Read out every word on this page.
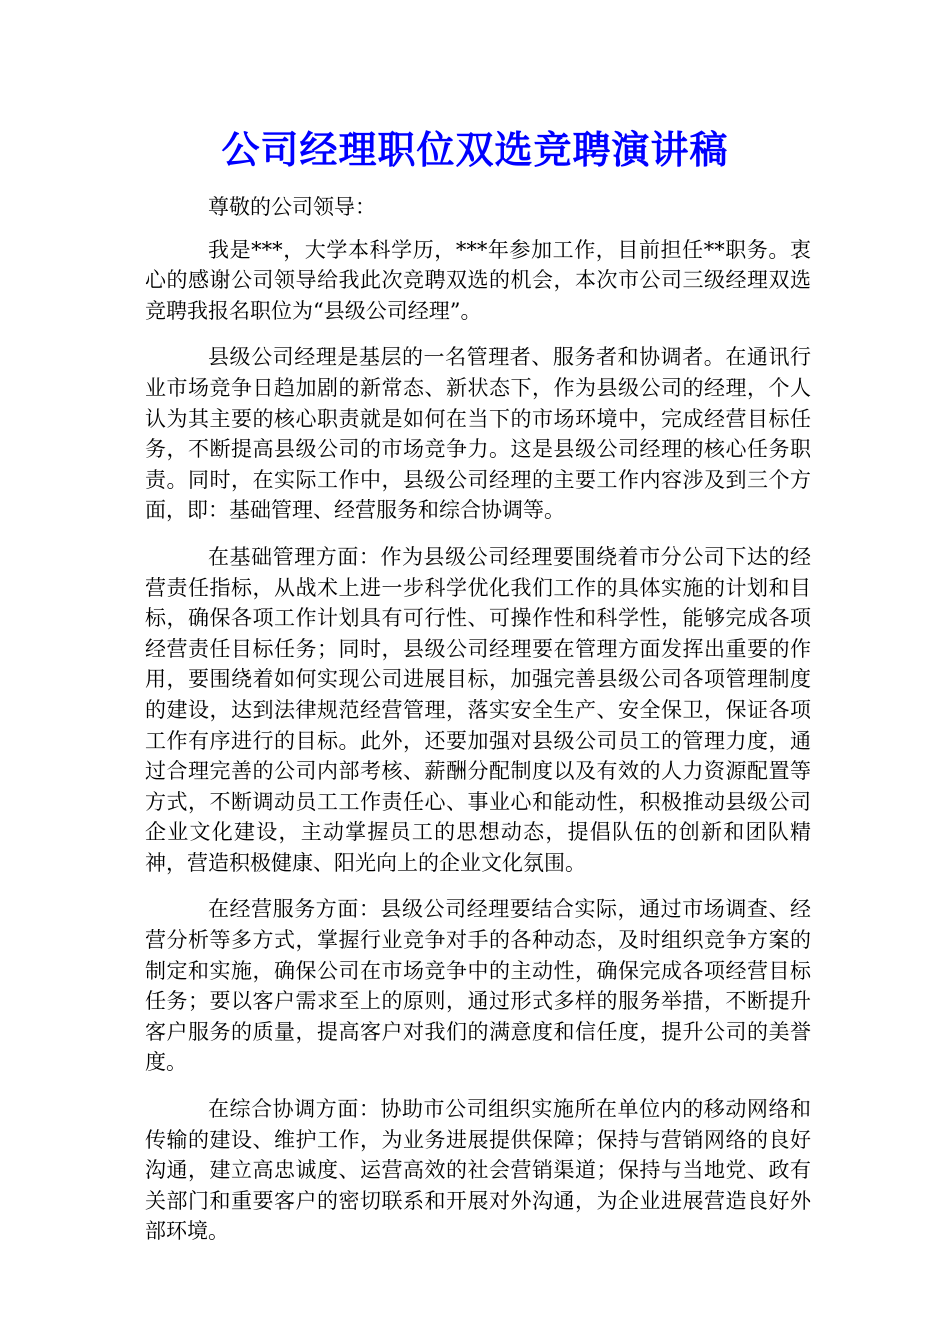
公司经理职位双选竞聘演讲稿

尊敬的公司领导：

我是***，大学本科学历，***年参加工作，目前担任**职务。衷心的感谢公司领导给我此次竞聘双选的机会，本次市公司三级经理双选竞聘我报名职位为“县级公司经理”。

县级公司经理是基层的一名管理者、服务者和协调者。在通讯行业市场竞争日趋加剧的新常态、新状态下，作为县级公司的经理，个人认为其主要的核心职责就是如何在当下的市场环境中，完成经营目标任务，不断提高县级公司的市场竞争力。这是县级公司经理的核心任务职责。同时，在实际工作中，县级公司经理的主要工作内容涉及到三个方面，即：基础管理、经营服务和综合协调等。

在基础管理方面：作为县级公司经理要围绕着市分公司下达的经营责任指标，从战术上进一步科学优化我们工作的具体实施的计划和目标，确保各项工作计划具有可行性、可操作性和科学性，能够完成各项经营责任目标任务；同时，县级公司经理要在管理方面发挥出重要的作用，要围绕着如何实现公司进展目标，加强完善县级公司各项管理制度的建设，达到法律规范经营管理，落实安全生产、安全保卫，保证各项工作有序进行的目标。此外，还要加强对县级公司员工的管理力度，通过合理完善的公司内部考核、薪酬分配制度以及有效的人力资源配置等方式，不断调动员工工作责任心、事业心和能动性，积极推动县级公司企业文化建设，主动掌握员工的思想动态，提倡队伍的创新和团队精神，营造积极健康、阳光向上的企业文化氛围。

在经营服务方面：县级公司经理要结合实际，通过市场调查、经营分析等多方式，掌握行业竞争对手的各种动态，及时组织竞争方案的制定和实施，确保公司在市场竞争中的主动性，确保完成各项经营目标任务；要以客户需求至上的原则，通过形式多样的服务举措，不断提升客户服务的质量，提高客户对我们的满意度和信任度，提升公司的美誉度。

在综合协调方面：协助市公司组织实施所在单位内的移动网络和传输的建设、维护工作，为业务进展提供保障；保持与营销网络的良好沟通，建立高忠诚度、运营高效的社会营销渠道；保持与当地党、政有关部门和重要客户的密切联系和开展对外沟通，为企业进展营造良好外部环境。
